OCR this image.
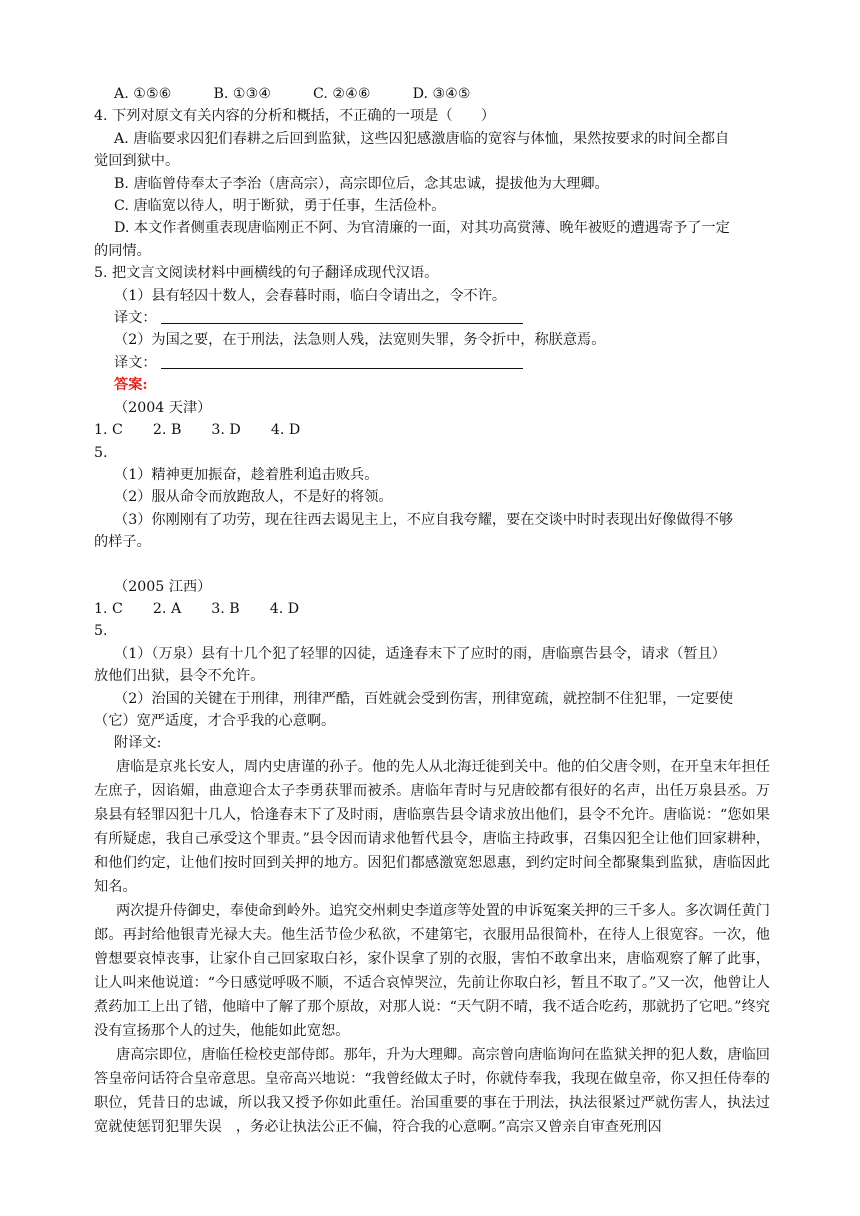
A. ①⑤⑥	B. ①③④	C. ②④⑥	D. ③④⑤
4. 下列对原文有关内容的分析和概括，不正确的一项是（　　）
A. 唐临要求囚犯们春耕之后回到监狱，这些囚犯感激唐临的宽容与体恤，果然按要求的时间全都自
觉回到狱中。
B. 唐临曾侍奉太子李治（唐高宗），高宗即位后，念其忠诚，提拔他为大理卿。
C. 唐临宽以待人，明于断狱，勇于任事，生活俭朴。
D. 本文作者侧重表现唐临刚正不阿、为官清廉的一面，对其功高赏薄、晚年被贬的遭遇寄予了一定
的同情。
5. 把文言文阅读材料中画横线的句子翻译成现代汉语。
（1）县有轻囚十数人，会春暮时雨，临白令请出之，令不许。
译文：
（2）为国之要，在于刑法，法急则人残，法宽则失罪，务令折中，称朕意焉。
译文：
答案:
（2004 天津）
1. C 2. B 3. D 4. D
5.
（1）精神更加振奋，趁着胜利追击败兵。
（2）服从命令而放跑敌人，不是好的将领。
（3）你刚刚有了功劳，现在往西去谒见主上，不应自我夸耀，要在交谈中时时表现出好像做得不够
的样子。
（2005 江西）
1. C 2. A 3. B 4. D
5.
（1）（万泉）县有十几个犯了轻罪的囚徒，适逢春末下了应时的雨，唐临禀告县令，请求（暂且）
放他们出狱，县令不允许。
（2）治国的关键在于刑律，刑律严酷，百姓就会受到伤害，刑律宽疏，就控制不住犯罪，一定要使
（它）宽严适度，才合乎我的心意啊。
附译文:
唐临是京兆长安人，周内史唐谨的孙子。他的先人从北海迁徙到关中。他的伯父唐令则，在开皇末年担任左庶子，因谄媚，曲意迎合太子李勇获罪而被杀。唐临年青时与兄唐皎都有很好的名声，出任万泉县丞。万泉县有轻罪囚犯十几人，恰逢春末下了及时雨，唐临禀告县令请求放出他们，县令不允许。唐临说：“您如果有所疑虑，我自己承受这个罪责。”县令因而请求他暂代县令，唐临主持政事，召集囚犯全让他们回家耕种，和他们约定，让他们按时回到关押的地方。因犯们都感激宽恕恩惠，到约定时间全都聚集到监狱，唐临因此知名。
两次提升侍御史，奉使命到岭外。追究交州刺史李道彦等处置的申诉冤案关押的三千多人。多次调任黄门郎。再封给他银青光禄大夫。他生活节俭少私欲，不建第宅，衣服用品很简朴，在待人上很宽容。一次，他曾想要哀悼丧事，让家仆自己回家取白衫，家仆误拿了别的衣服，害怕不敢拿出来，唐临观察了解了此事，让人叫来他说道：“今日感觉呼吸不顺，不适合哀悼哭泣，先前让你取白衫，暂且不取了。”又一次，他曾让人煮药加工上出了错，他暗中了解了那个原故，对那人说：“天气阴不晴，我不适合吃药，那就扔了它吧。”终究没有宣扬那个人的过失，他能如此宽恕。
唐高宗即位，唐临任检校吏部侍郎。那年，升为大理卿。高宗曾向唐临询问在监狱关押的犯人数，唐临回答皇帝问话符合皇帝意思。皇帝高兴地说：“我曾经做太子时，你就侍奉我，我现在做皇帝，你又担任侍奉的职位，凭昔日的忠诚，所以我又授予你如此重任。治国重要的事在于刑法，执法很紧过严就伤害人，执法过宽就使惩罚犯罪失误　，务必让执法公正不偏，符合我的心意啊。”高宗又曾亲自审查死刑囚
